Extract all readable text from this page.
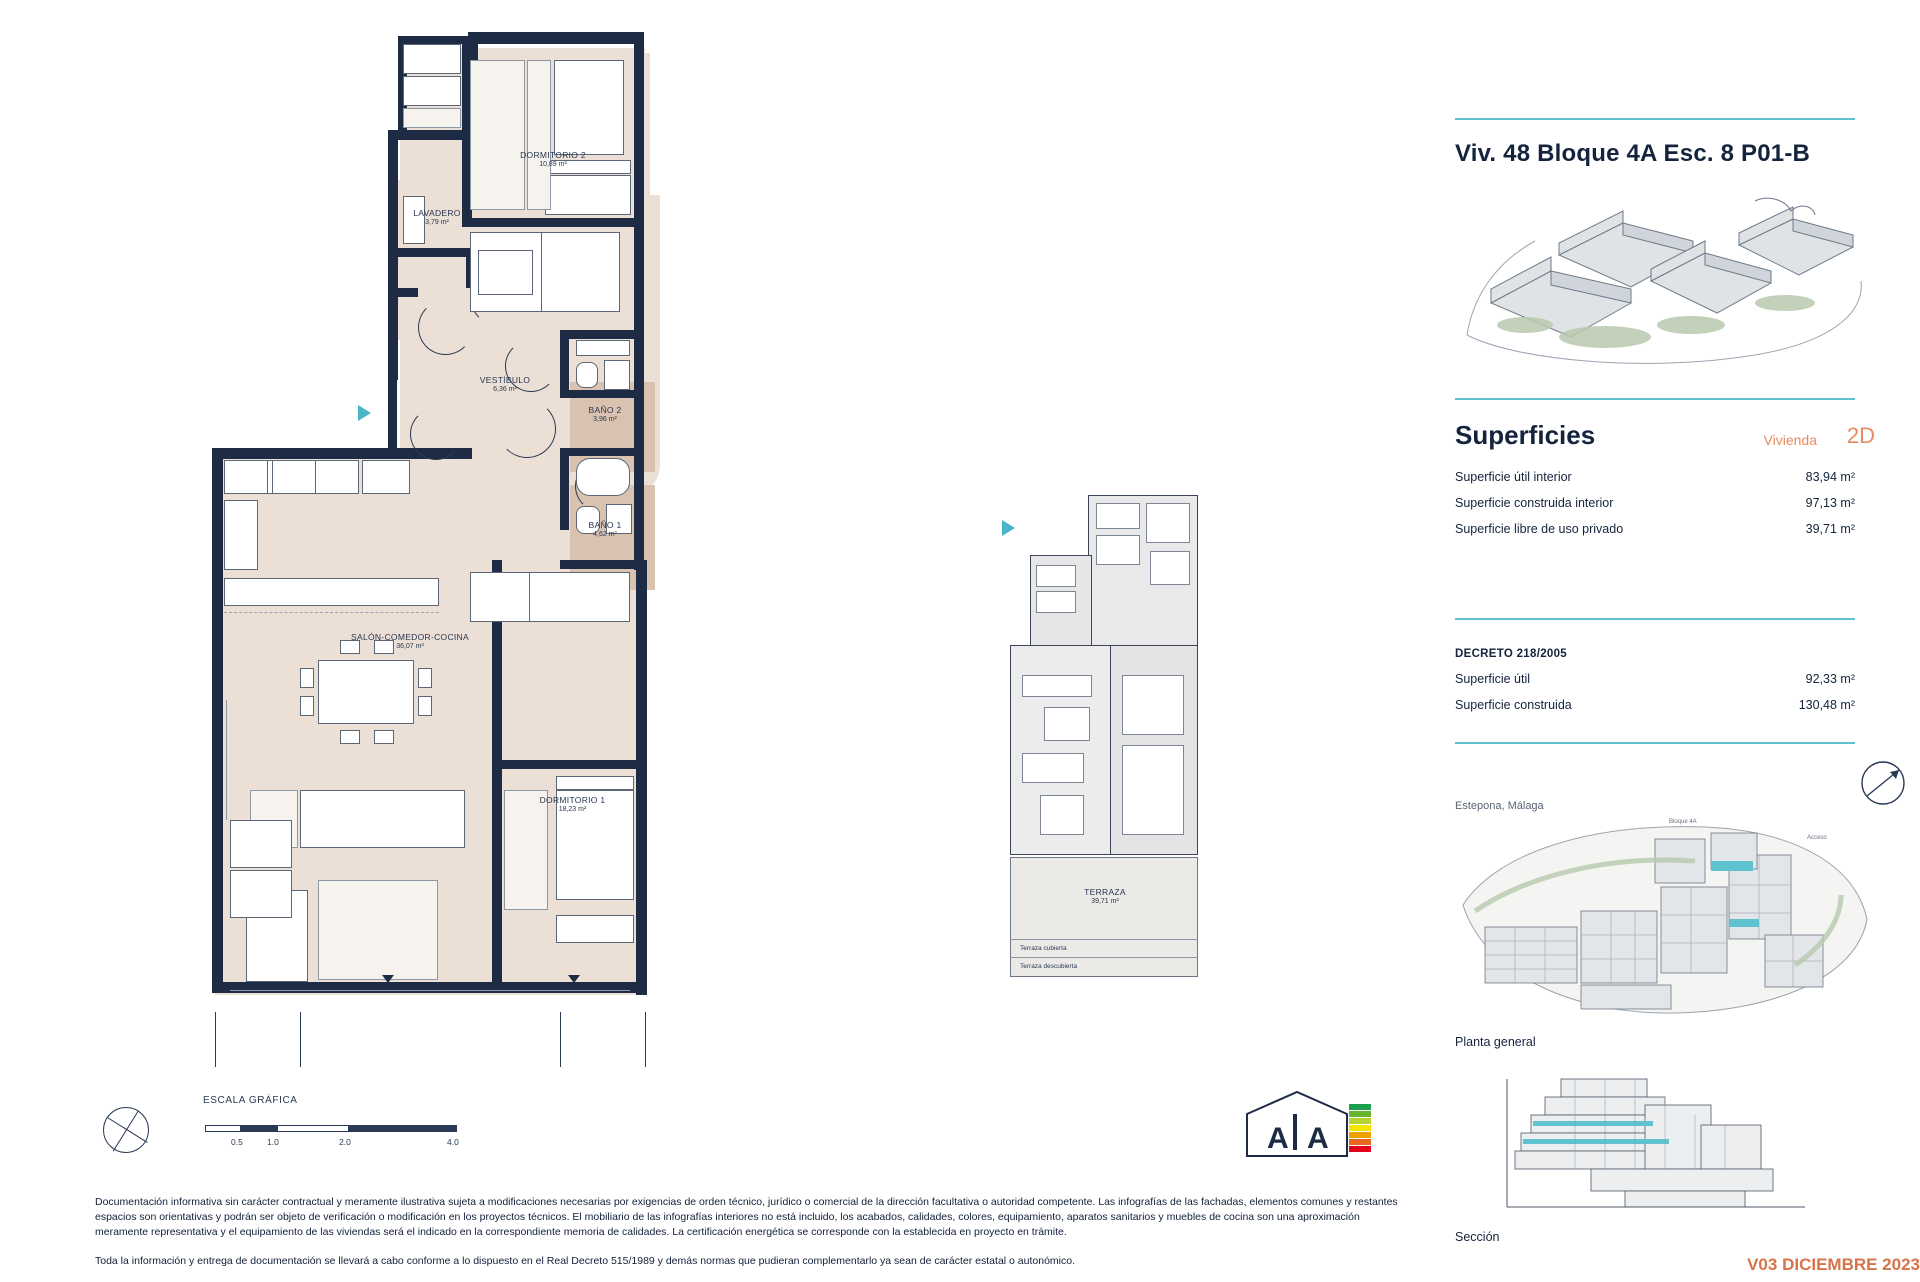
DORMITORIO 2
10,89 m²
LAVADERO
3,79 m²
VESTÍBULO
6,36 m²
BAÑO 2
3,96 m²
BAÑO 1
4,62 m²
SALÓN-COMEDOR-COCINA
36,07 m²
DORMITORIO 1
18,23 m²
TERRAZA
39,71 m²
Terraza cubierta
Terraza descubierta
ESCALA GRÁFICA
0.5	1.0	2.0	4.0	A A

Documentación informativa sin carácter contractual y meramente ilustrativa sujeta a modificaciones necesarias por exigencias de orden técnico, jurídico o comercial de la dirección facultativa o autoridad competente. Las infografías de las fachadas, elementos comunes y restantes espacios son orientativas y podrán ser objeto de verificación o modificación en los proyectos técnicos. El mobiliario de las infografías interiores no está incluido, los acabados, calidades, colores, equipamiento, aparatos sanitarios y muebles de cocina son una aproximación meramente representativa y el equipamiento de las viviendas será el indicado en la correspondiente memoria de calidades. La certificación energética se corresponde con la establecida en proyecto en trámite.

Toda la información y entrega de documentación se llevará a cabo conforme a lo dispuesto en el Real Decreto 515/1989 y demás normas que pudieran complementarlo ya sean de carácter estatal o autonómico.

Viv. 48 Bloque 4A Esc. 8 P01-B
Superficies	Vivienda 2D
Superficie útil interior	83,94 m²
Superficie construida interior	97,13 m²
Superficie libre de uso privado	39,71 m²
DECRETO 218/2005
Superficie útil	92,33 m²
Superficie construida	130,48 m²
Estepona, Málaga
Bloque 4A
Acceso
Planta general
Sección
V03 DICIEMBRE 2023
